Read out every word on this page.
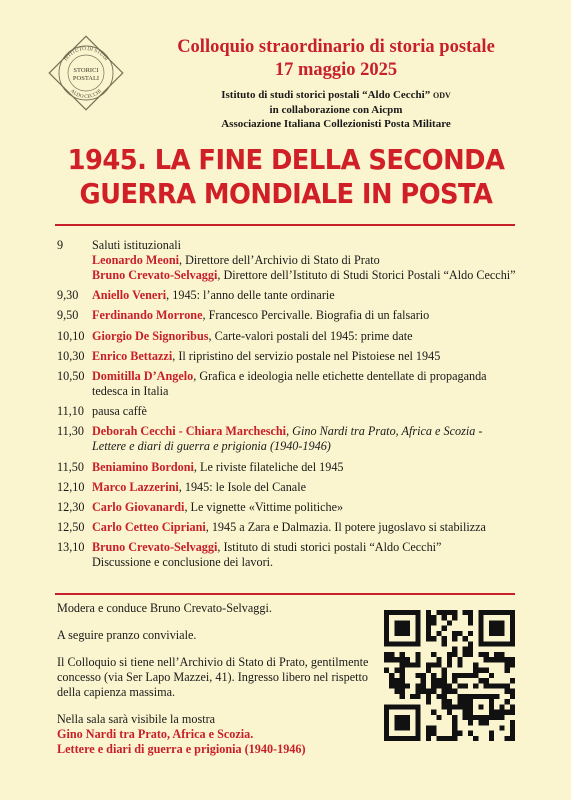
ISTITUTO DI STUDI
ALDO CECCHI
STORICI
POSTALI
Colloquio straordinario di storia postale
17 maggio 2025
Istituto di studi storici postali “Aldo Cecchi” ODV
in collaborazione con Aicpm
Associazione Italiana Collezionisti Posta Militare
1945. LA FINE DELLA SECONDA
GUERRA MONDIALE IN POSTA
9	Saluti istituzionali
Leonardo Meoni, Direttore dell’Archivio di Stato di Prato
Bruno Crevato-Selvaggi, Direttore dell’Istituto di Studi Storici Postali “Aldo Cecchi”
9,30	Aniello Veneri, 1945: l’anno delle tante ordinarie
9,50	Ferdinando Morrone, Francesco Percivalle. Biografia di un falsario
10,10 Giorgio De Signoribus, Carte-valori postali del 1945: prime date
10,30 Enrico Bettazzi, Il ripristino del servizio postale nel Pistoiese nel 1945
10,50 Domitilla D’Angelo, Grafica e ideologia nelle etichette dentellate di propaganda tedesca in Italia
11,10 pausa caffè
11,30 Deborah Cecchi - Chiara Marcheschi, Gino Nardi tra Prato, Africa e Scozia - Lettere e diari di guerra e prigionia (1940-1946)
11,50 Beniamino Bordoni, Le riviste filateliche del 1945
12,10 Marco Lazzerini, 1945: le Isole del Canale
12,30 Carlo Giovanardi, Le vignette «Vittime politiche»
12,50 Carlo Cetteo Cipriani, 1945 a Zara e Dalmazia. Il potere jugoslavo si stabilizza
13,10 Bruno Crevato-Selvaggi, Istituto di studi storici postali “Aldo Cecchi”
Discussione e conclusione dei lavori.

Modera e conduce Bruno Crevato-Selvaggi.

A seguire pranzo conviviale.

Il Colloquio si tiene nell’Archivio di Stato di Prato, gentilmente concesso (via Ser Lapo Mazzei, 41). Ingresso libero nel rispetto della capienza massima.

Nella sala sarà visibile la mostra
Gino Nardi tra Prato, Africa e Scozia.
Lettere e diari di guerra e prigionia (1940-1946)
